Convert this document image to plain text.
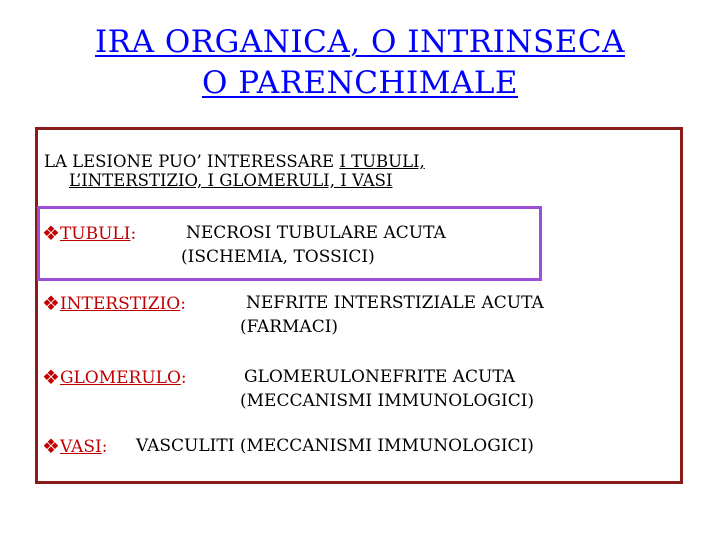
IRA ORGANICA, O INTRINSECA
O PARENCHIMALE
LA LESIONE PUO’ INTERESSARE I TUBULI,
L’INTERSTIZIO, I GLOMERULI, I VASI
❖TUBULI:	NECROSI TUBULARE ACUTA
(ISCHEMIA, TOSSICI)
❖INTERSTIZIO:	NEFRITE INTERSTIZIALE ACUTA
(FARMACI)
❖GLOMERULO:	GLOMERULONEFRITE ACUTA
(MECCANISMI IMMUNOLOGICI)
❖VASI: VASCULITI (MECCANISMI IMMUNOLOGICI)
